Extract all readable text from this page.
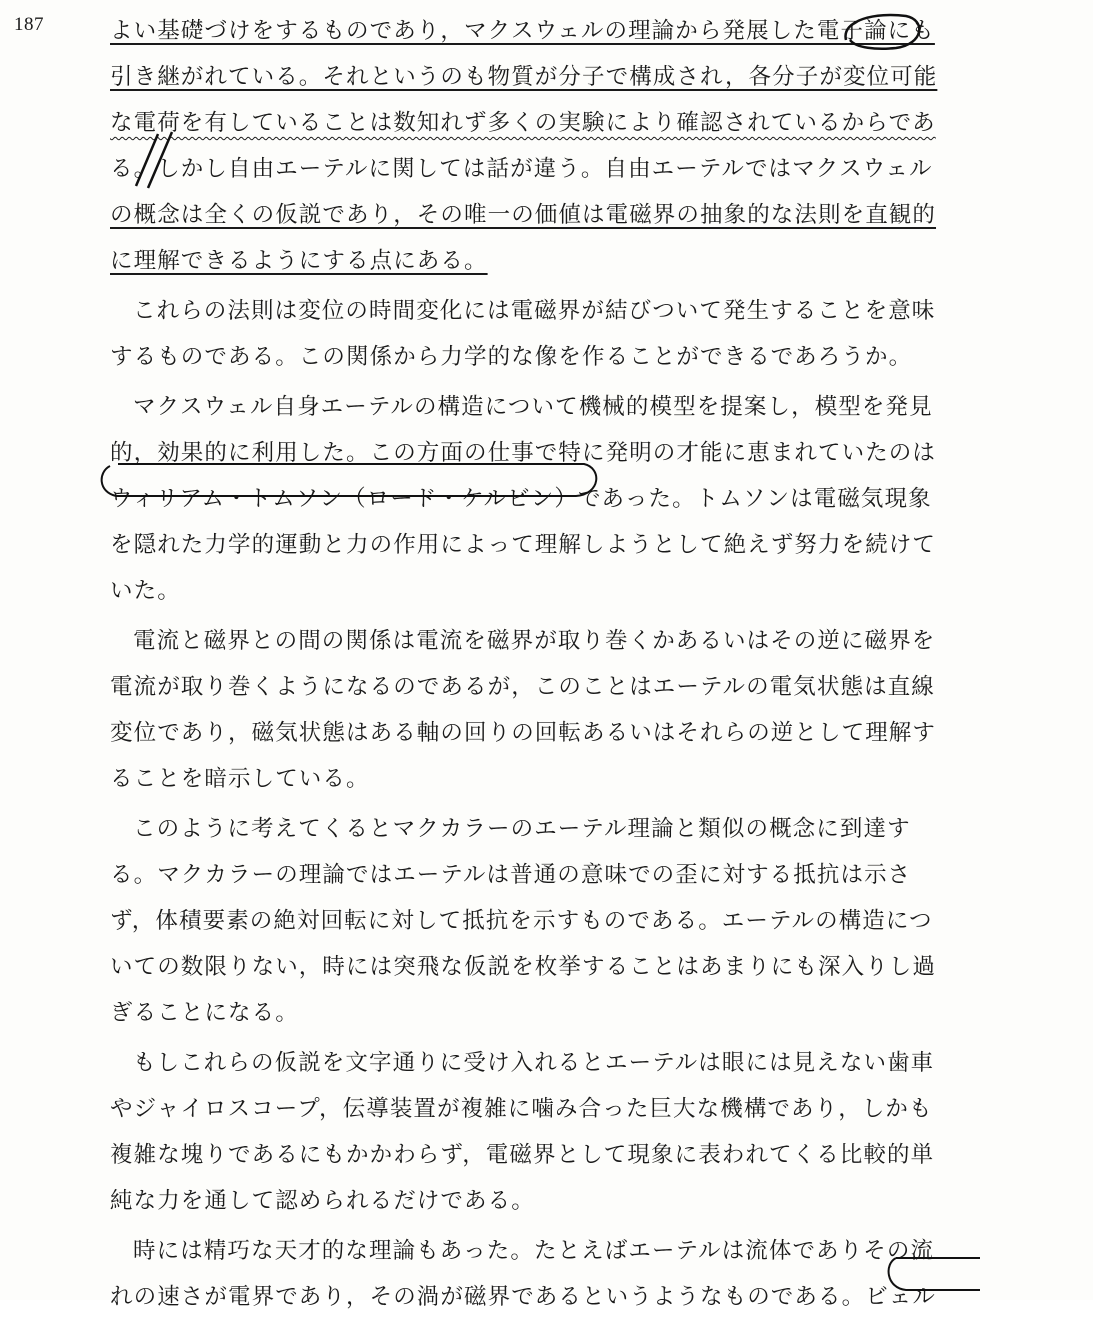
187	よい基礎づけをするものであり，マクスウェルの理論から発展した電子論にも
引き継がれている。それというのも物質が分子で構成され，各分子が変位可能
な電荷を有していることは数知れず多くの実験により確認されているからであ
る。しかし自由エーテルに関しては話が違う。自由エーテルではマクスウェル
の概念は全くの仮説であり，その唯一の価値は電磁界の抽象的な法則を直観的
に理解できるようにする点にある。
これらの法則は変位の時間変化には電磁界が結びついて発生することを意味
するものである。この関係から力学的な像を作ることができるであろうか。
マクスウェル自身エーテルの構造について機械的模型を提案し，模型を発見
的，効果的に利用した。この方面の仕事で特に発明の才能に恵まれていたのは
ウィリアム・トムソン（ロード・ケルビン）であった。トムソンは電磁気現象
を隠れた力学的運動と力の作用によって理解しようとして絶えず努力を続けて
いた。
電流と磁界との間の関係は電流を磁界が取り巻くかあるいはその逆に磁界を
電流が取り巻くようになるのであるが，このことはエーテルの電気状態は直線
変位であり，磁気状態はある軸の回りの回転あるいはそれらの逆として理解す
ることを暗示している。
このように考えてくるとマクカラーのエーテル理論と類似の概念に到達す
る。マクカラーの理論ではエーテルは普通の意味での歪に対する抵抗は示さ
ず，体積要素の絶対回転に対して抵抗を示すものである。エーテルの構造につ
いての数限りない，時には突飛な仮説を枚挙することはあまりにも深入りし過
ぎることになる。
もしこれらの仮説を文字通りに受け入れるとエーテルは眼には見えない歯車
やジャイロスコープ，伝導装置が複雑に噛み合った巨大な機構であり，しかも
複雑な塊りであるにもかかわらず，電磁界として現象に表われてくる比較的単
純な力を通して認められるだけである。
時には精巧な天才的な理論もあった。たとえばエーテルは流体でありその流
れの速さが電界であり，その渦が磁界であるというようなものである。ビェル
